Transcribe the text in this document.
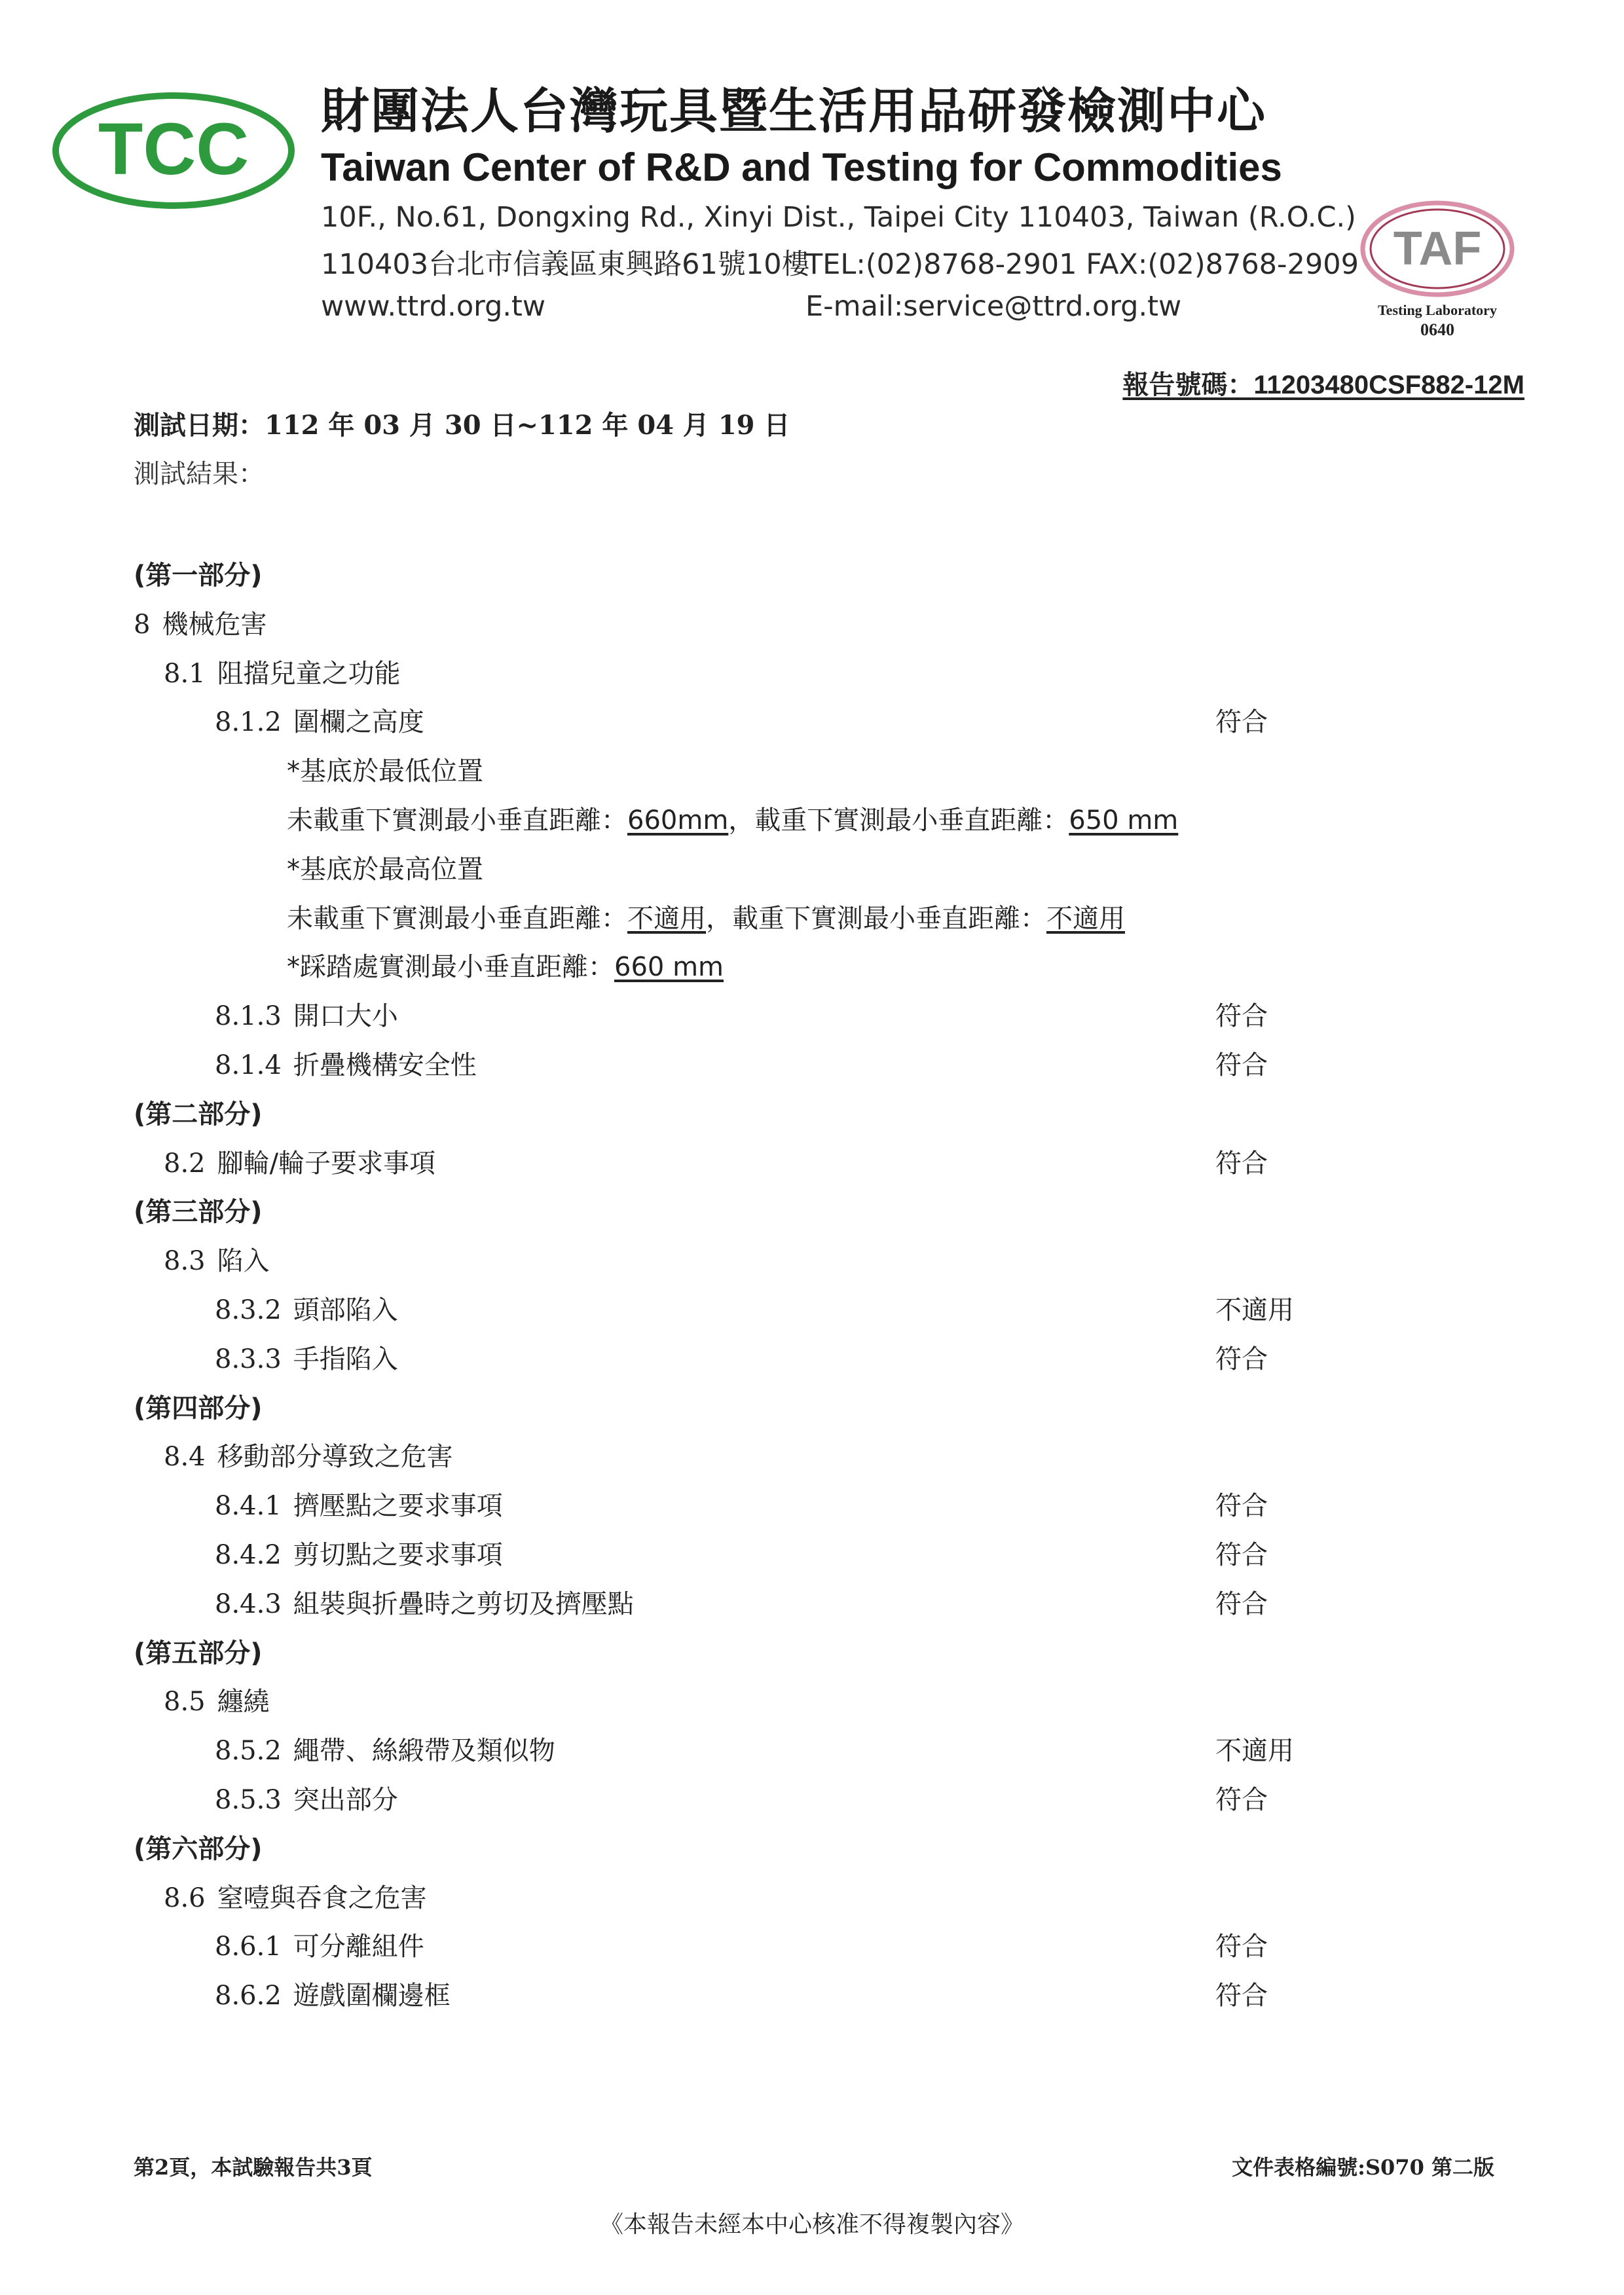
TCC 財團法人台灣玩具暨生活用品研發檢測中心
Taiwan Center of R&D and Testing for Commodities
10F., No.61, Dongxing Rd., Xinyi Dist., Taipei City 110403, Taiwan (R.O.C.)
110403台北市信義區東興路61號10樓
TEL:(02)8768-2901 FAX:(02)8768-2909
www.ttrd.org.tw	E-mail:service@ttrd.org.tw
TAF
Testing Laboratory
0640
報告號碼：11203480CSF882-12M
測試日期：112 年 03 月 30 日~112 年 04 月 19 日
測試結果：
(第一部分)
8 機械危害
8.1 阻擋兒童之功能
8.1.2 圍欄之高度	符合
*基底於最低位置
未載重下實測最小垂直距離：660mm，載重下實測最小垂直距離：650 mm
*基底於最高位置
未載重下實測最小垂直距離：不適用，載重下實測最小垂直距離：不適用
*踩踏處實測最小垂直距離：660 mm
8.1.3 開口大小	符合
8.1.4 折疊機構安全性	符合
(第二部分)
8.2 腳輪/輪子要求事項	符合
(第三部分)
8.3 陷入
8.3.2 頭部陷入	不適用
8.3.3 手指陷入	符合
(第四部分)
8.4 移動部分導致之危害
8.4.1 擠壓點之要求事項	符合
8.4.2 剪切點之要求事項	符合
8.4.3 組裝與折疊時之剪切及擠壓點	符合
(第五部分)
8.5 纏繞
8.5.2 繩帶、絲緞帶及類似物	不適用
8.5.3 突出部分	符合
(第六部分)
8.6 窒噎與吞食之危害
8.6.1 可分離組件	符合
8.6.2 遊戲圍欄邊框	符合
第2頁，本試驗報告共3頁	文件表格編號:S070 第二版
《本報告未經本中心核准不得複製內容》
